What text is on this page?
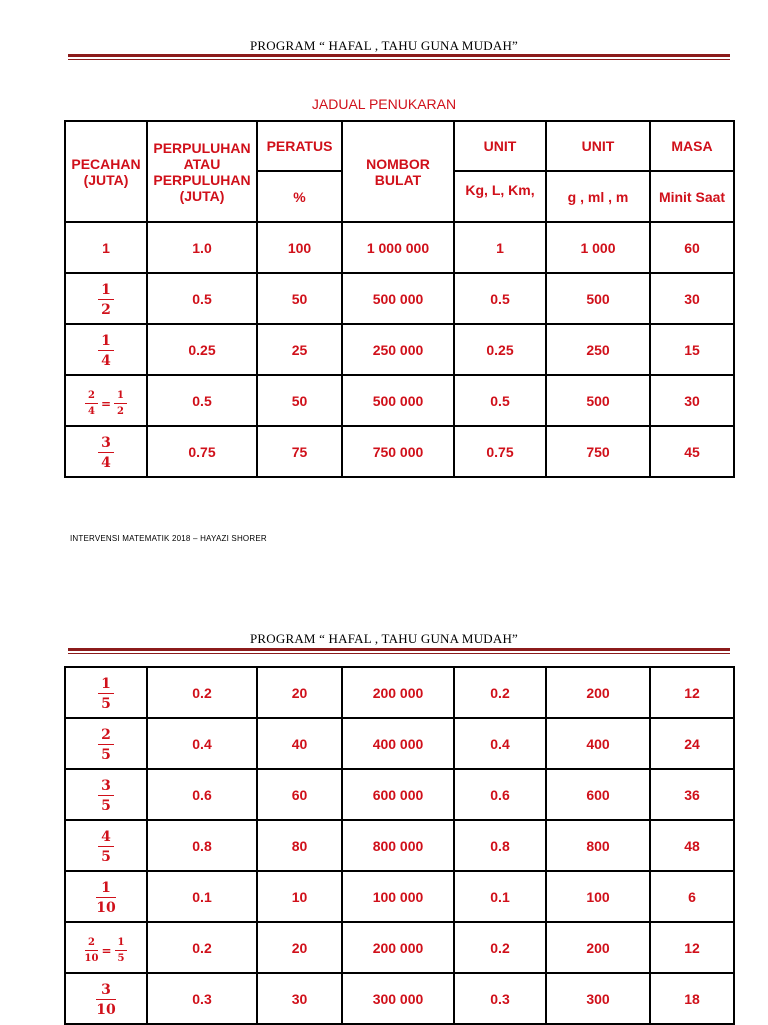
PROGRAM “ HAFAL , TAHU GUNA MUDAH”
JADUAL PENUKARAN
PECAHAN (JUTA)	PERPULUHAN ATAU PERPULUHAN (JUTA)	PERATUS	NOMBOR BULAT	UNIT	UNIT	MASA
		%		Kg, L, Km,	g , ml , m	Minit Saat
1	1.0	100	1 000 000	1	1 000	60

$\frac{1}{2}$	0.5	50	500 000	0.5	500	30

$\frac{1}{4}$	0.25	25	250 000	0.25	250	15

$\frac{2}{4} = \frac{1}{2}$	0.5	50	500 000	0.5	500	30

$\frac{3}{4}$	0.75	75	750 000	0.75	750	45
INTERVENSI MATEMATIK 2018 – HAYAZI SHORER
PROGRAM “ HAFAL , TAHU GUNA MUDAH”
$\frac{1}{5}$	0.2	20	200 000	0.2	200	12

$\frac{2}{5}$	0.4	40	400 000	0.4	400	24

$\frac{3}{5}$	0.6	60	600 000	0.6	600	36

$\frac{4}{5}$	0.8	80	800 000	0.8	800	48

$\frac{1}{10}$	0.1	10	100 000	0.1	100	6

$\frac{2}{10} = \frac{1}{5}$	0.2	20	200 000	0.2	200	12

$\frac{3}{10}$	0.3	30	300 000	0.3	300	18
